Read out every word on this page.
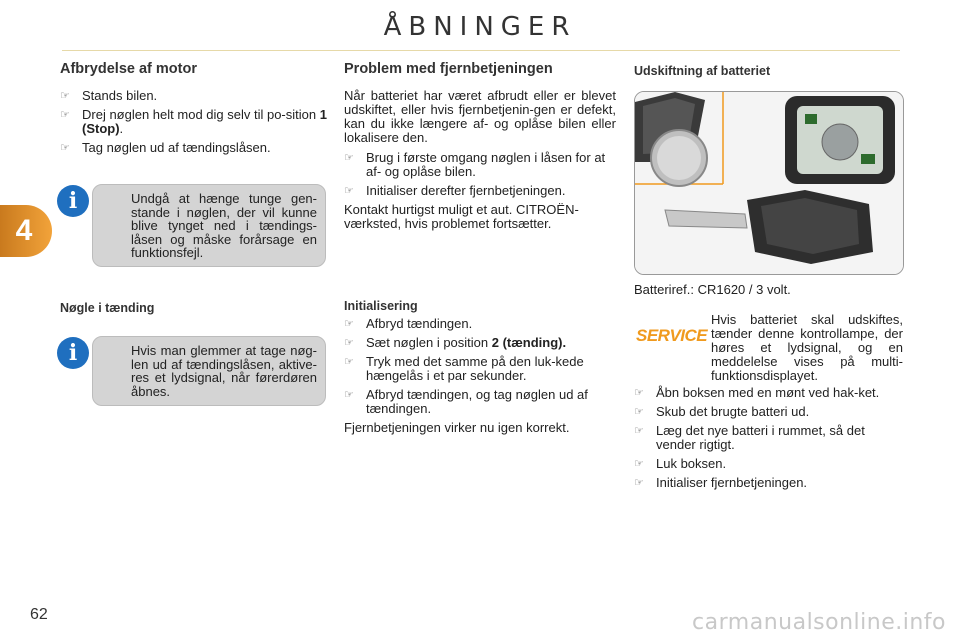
ÅBNINGER
4
Afbrydelse af motor
☞ Stands bilen.
☞ Drej nøglen helt mod dig selv til po-sition 1 (Stop).
☞ Tag nøglen ud af tændingslåsen.
Undgå at hænge tunge gen-stande i nøglen, der vil kunne blive tynget ned i tændings-låsen og måske forårsage en funktionsfejl.
i
Nøgle i tænding
Hvis man glemmer at tage nøg-len ud af tændingslåsen, aktive-res et lydsignal, når førerdøren åbnes.
i
Problem med fjernbetjeningen

Når batteriet har været afbrudt eller er blevet udskiftet, eller hvis fjernbetjenin-gen er defekt, kan du ikke længere af- og oplåse bilen eller lokalisere den.

☞ Brug i første omgang nøglen i låsen for at af- og oplåse bilen.
☞ Initialiser derefter fjernbetjeningen.

Kontakt hurtigst muligt et aut. CITROËN-værksted, hvis problemet fortsætter.

Initialisering
☞ Afbryd tændingen.
☞ Sæt nøglen i position 2 (tænding).
☞ Tryk med det samme på den luk-kede hængelås i et par sekunder.
☞ Afbryd tændingen, og tag nøglen ud af tændingen.

Fjernbetjeningen virker nu igen korrekt.

Udskiftning af batteriet
Batteriref.: CR1620 / 3 volt.
SERVICE
Hvis batteriet skal udskiftes, tænder denne kontrollampe, der høres et lydsignal, og en meddelelse vises på multi-funktionsdisplayet.
☞ Åbn boksen med en mønt ved hak-ket.
☞ Skub det brugte batteri ud.
☞ Læg det nye batteri i rummet, så det vender rigtigt.
☞ Luk boksen.
☞ Initialiser fjernbetjeningen.
62	carmanualsonline.info
